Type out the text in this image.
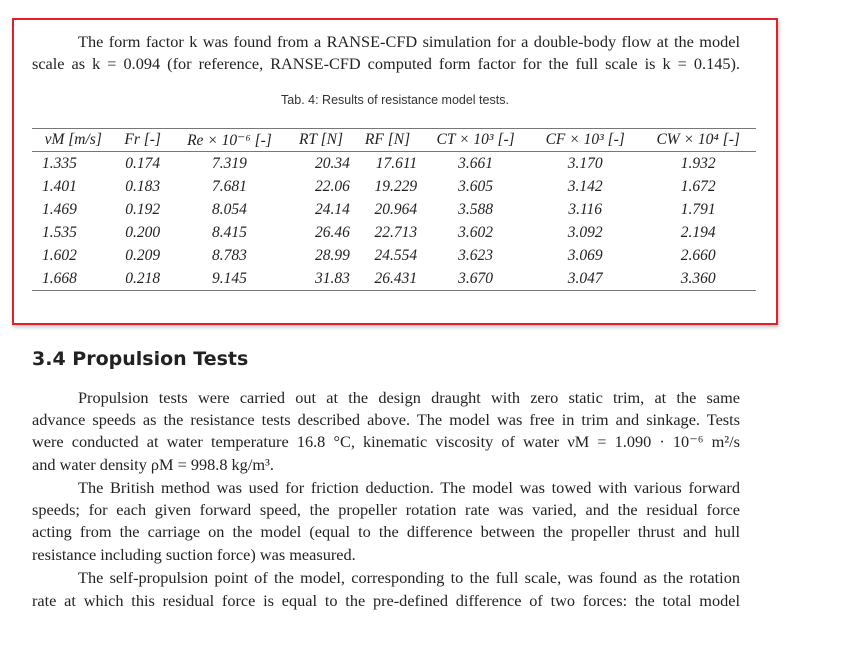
The form factor k was found from a RANSE-CFD simulation for a double-body flow at the model
scale as k = 0.094 (for reference, RANSE-CFD computed form factor for the full scale is k = 0.145).
Tab. 4: Results of resistance model tests.
vM [m/s]	Fr [-]	Re × 10⁻⁶ [-]	RT [N]	RF [N]	CT × 10³ [-]	CF × 10³ [-]	CW × 10⁴ [-]
1.335	0.174	7.319	20.34	17.611	3.661	3.170	1.932
1.401	0.183	7.681	22.06	19.229	3.605	3.142	1.672
1.469	0.192	8.054	24.14	20.964	3.588	3.116	1.791
1.535	0.200	8.415	26.46	22.713	3.602	3.092	2.194
1.602	0.209	8.783	28.99	24.554	3.623	3.069	2.660
1.668	0.218	9.145	31.83	26.431	3.670	3.047	3.360
3.4 Propulsion Tests
Propulsion tests were carried out at the design draught with zero static trim, at the same
advance speeds as the resistance tests described above. The model was free in trim and sinkage. Tests
were conducted at water temperature 16.8 °C, kinematic viscosity of water νM = 1.090 · 10⁻⁶ m²/s
and water density ρM = 998.8 kg/m³.
The British method was used for friction deduction. The model was towed with various forward
speeds; for each given forward speed, the propeller rotation rate was varied, and the residual force
acting from the carriage on the model (equal to the difference between the propeller thrust and hull
resistance including suction force) was measured.
The self-propulsion point of the model, corresponding to the full scale, was found as the rotation
rate at which this residual force is equal to the pre-defined difference of two forces: the total model
